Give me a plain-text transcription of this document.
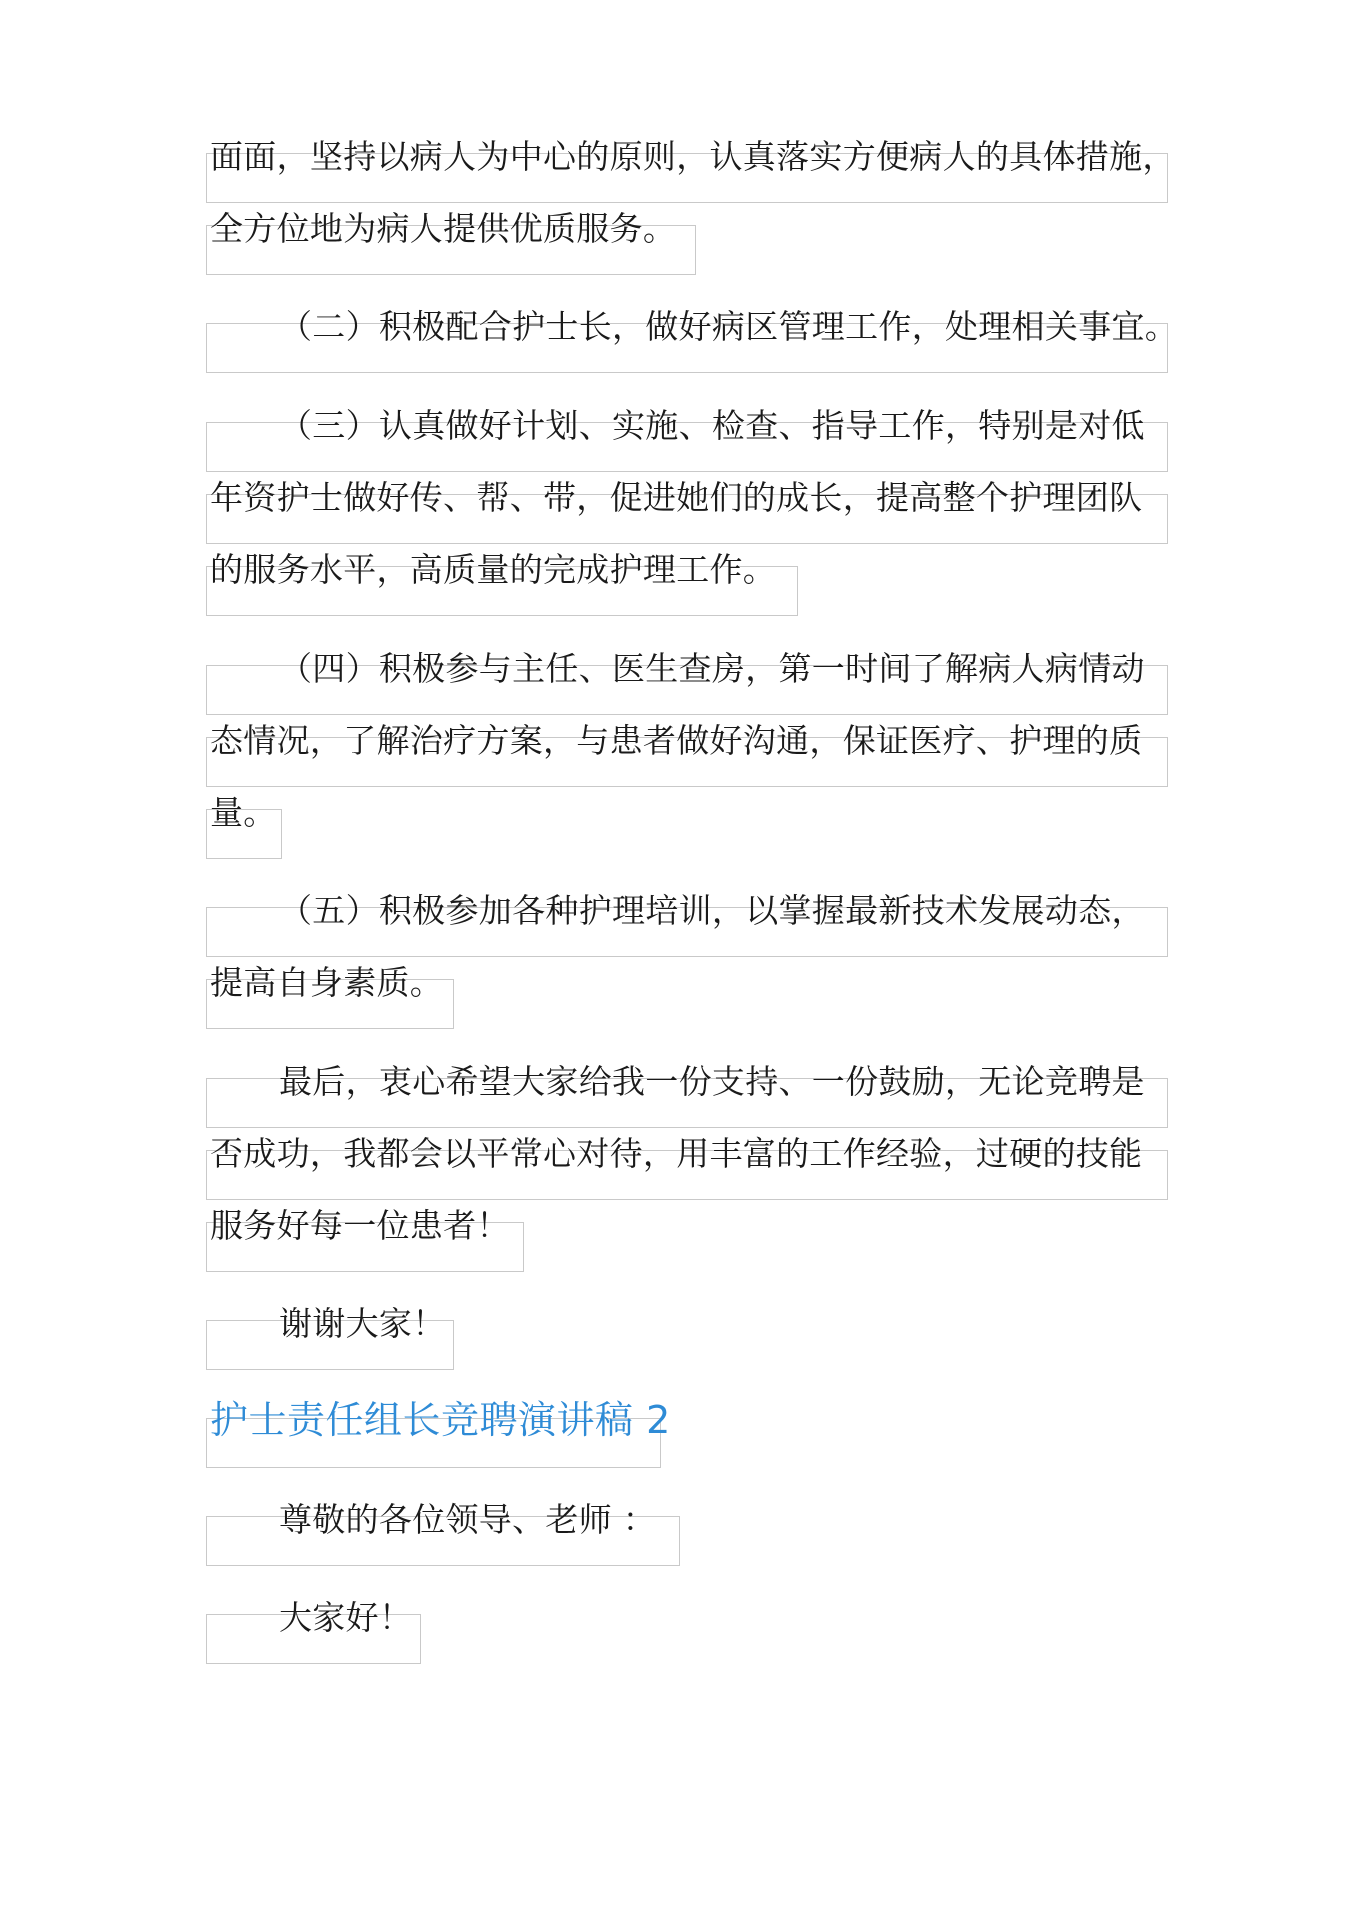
面面，坚持以病人为中心的原则，认真落实方便病人的具体措施，
全方位地为病人提供优质服务。
（二）积极配合护士长，做好病区管理工作，处理相关事宜。
（三）认真做好计划、实施、检查、指导工作，特别是对低
年资护士做好传、帮、带，促进她们的成长，提高整个护理团队
的服务水平，高质量的完成护理工作。
（四）积极参与主任、医生查房，第一时间了解病人病情动
态情况，了解治疗方案，与患者做好沟通，保证医疗、护理的质
量。
（五）积极参加各种护理培训，以掌握最新技术发展动态，
提高自身素质。
最后，衷心希望大家给我一份支持、一份鼓励，无论竞聘是
否成功，我都会以平常心对待，用丰富的工作经验，过硬的技能
服务好每一位患者！
谢谢大家！
护士责任组长竞聘演讲稿 2
尊敬的各位领导、老师 ：
大家好！
